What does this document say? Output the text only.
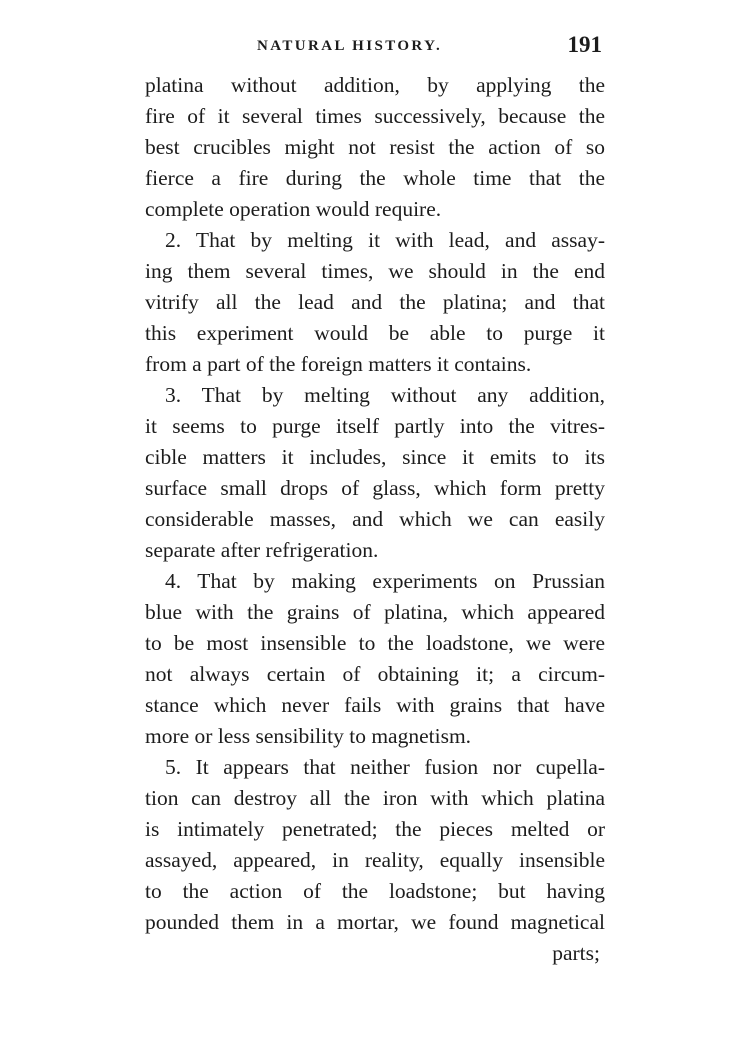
NATURAL HISTORY.	191
platina without addition, by applying the
fire of it several times successively, because the
best crucibles might not resist the action of so
fierce a fire during the whole time that the
complete operation would require.
2. That by melting it with lead, and assay-
ing them several times, we should in the end
vitrify all the lead and the platina; and that
this experiment would be able to purge it
from a part of the foreign matters it contains.
3. That by melting without any addition,
it seems to purge itself partly into the vitres-
cible matters it includes, since it emits to its
surface small drops of glass, which form pretty
considerable masses, and which we can easily
separate after refrigeration.
4. That by making experiments on Prussian
blue with the grains of platina, which appeared
to be most insensible to the loadstone, we were
not always certain of obtaining it; a circum-
stance which never fails with grains that have
more or less sensibility to magnetism.
5. It appears that neither fusion nor cupella-
tion can destroy all the iron with which platina
is intimately penetrated; the pieces melted or
assayed, appeared, in reality, equally insensible
to the action of the loadstone; but having
pounded them in a mortar, we found magnetical
parts;
